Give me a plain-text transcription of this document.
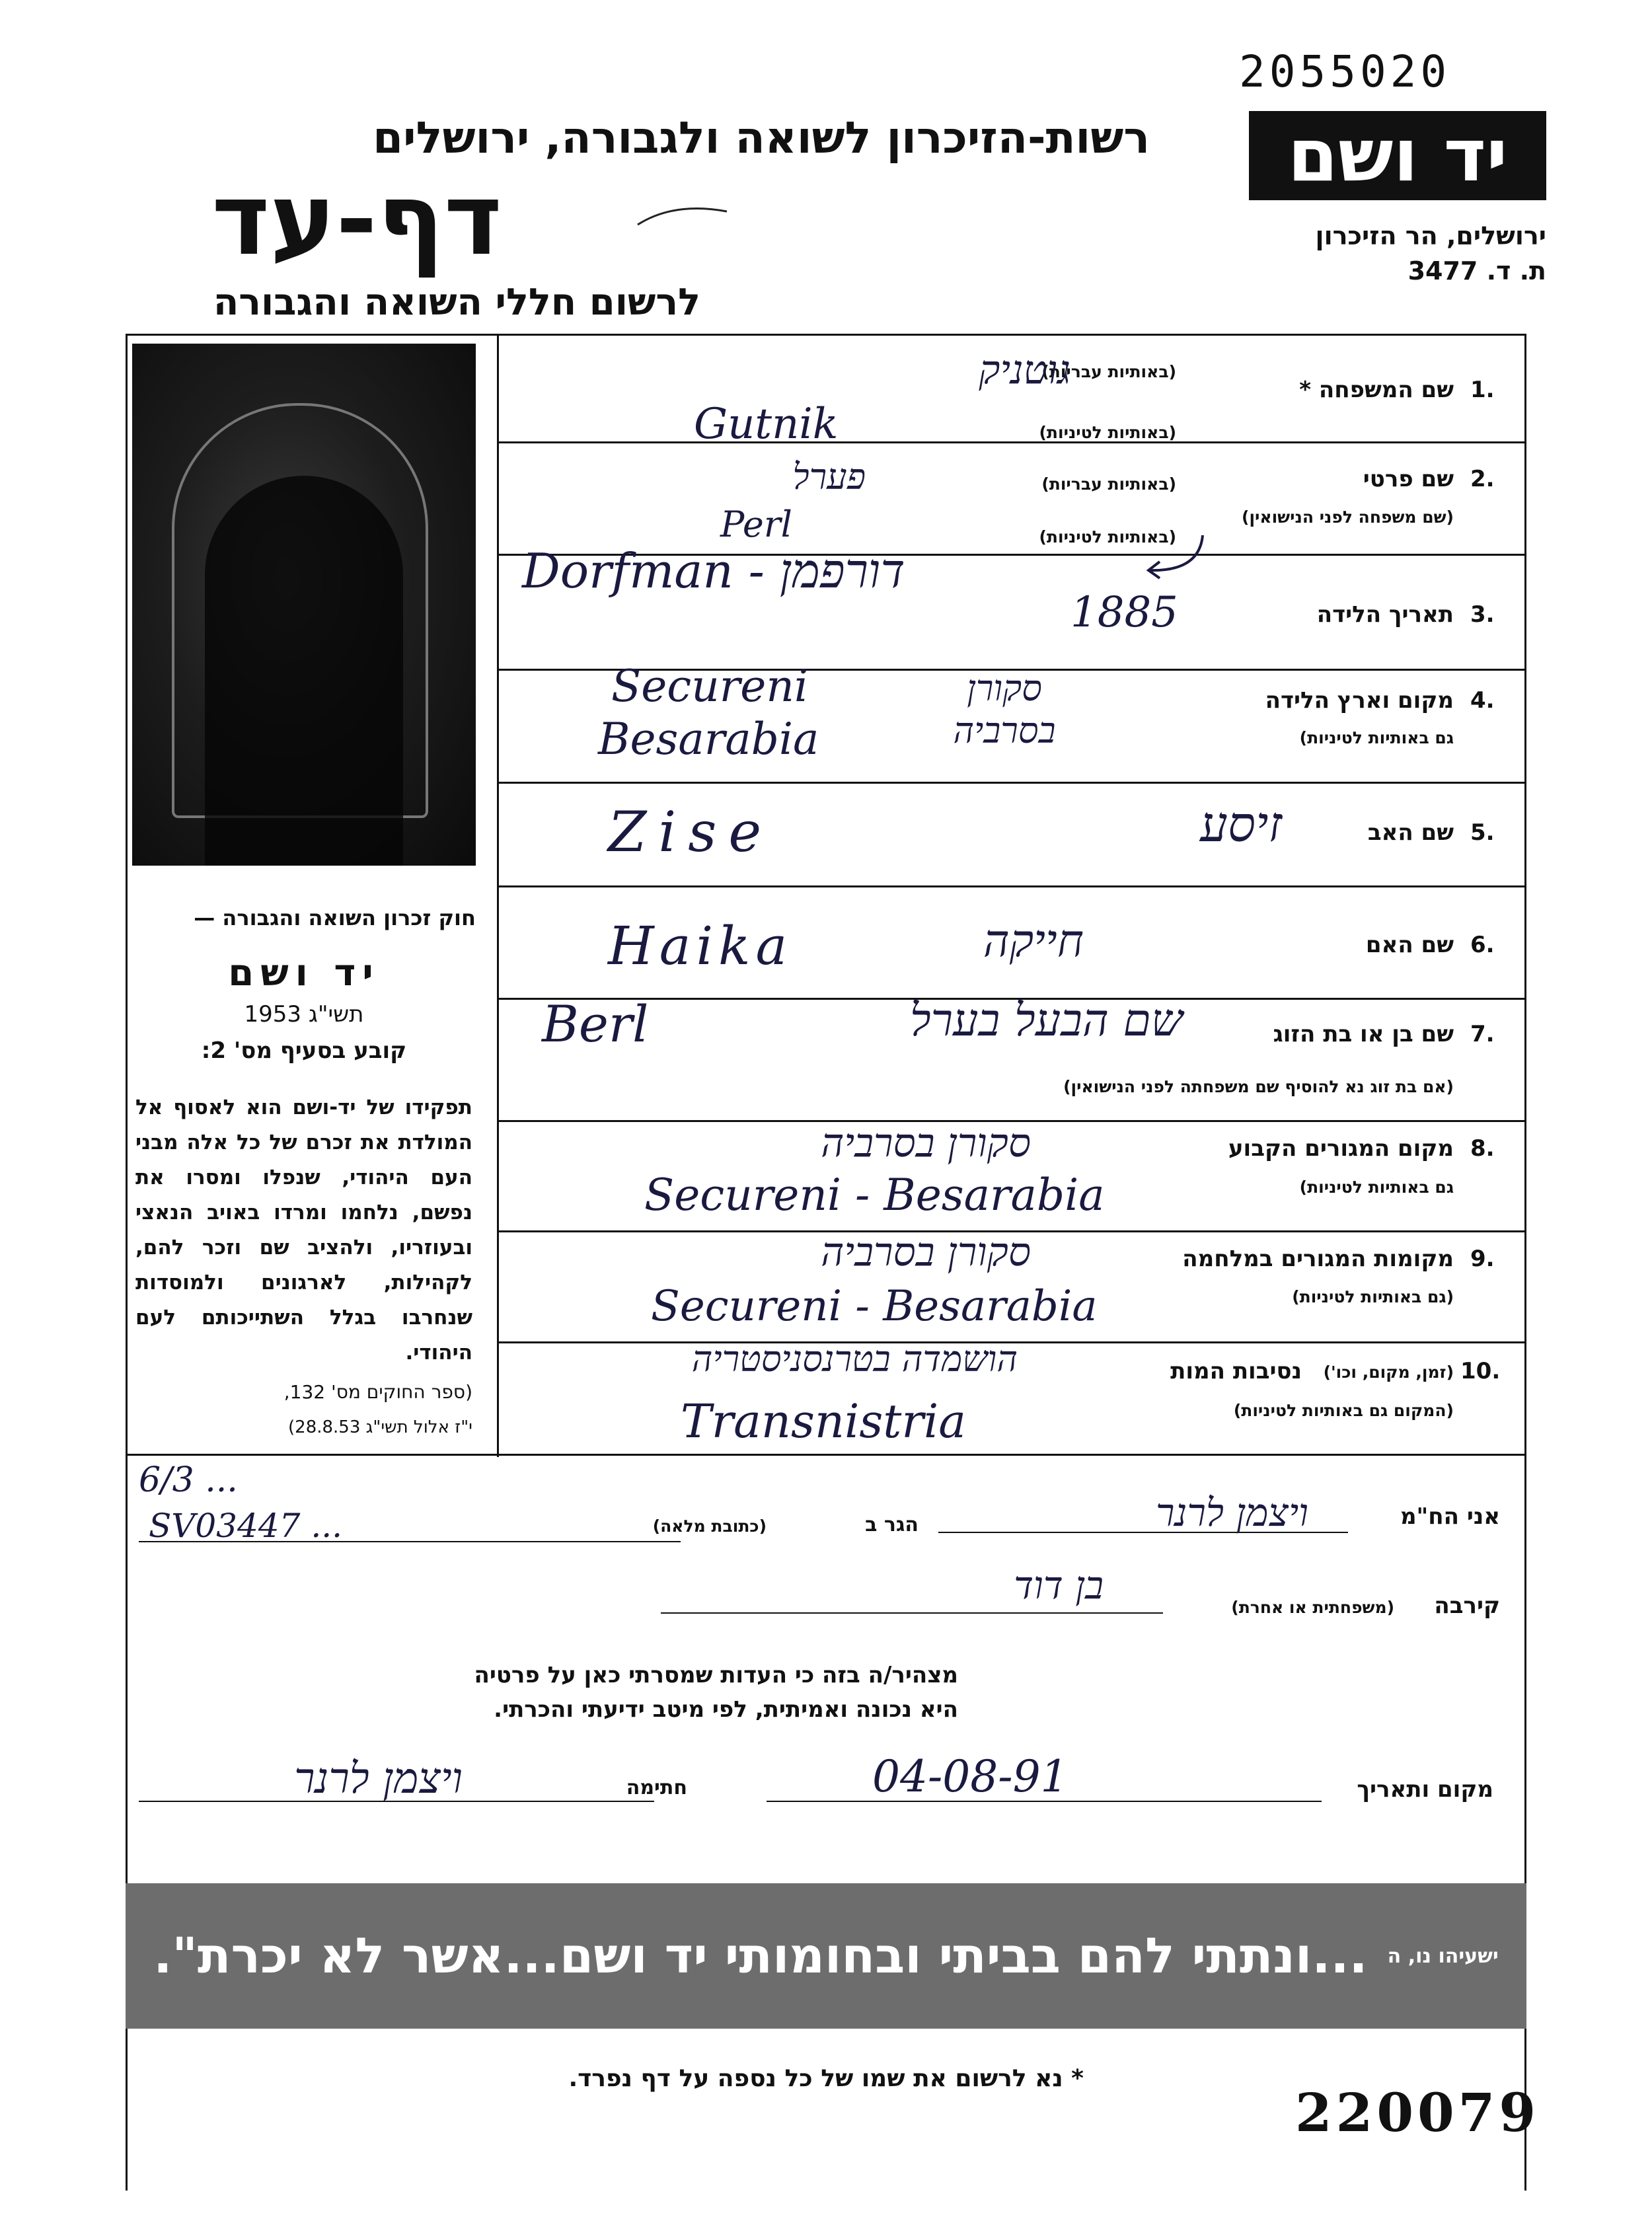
2055020
רשות-הזיכרון לשואה ולגבורה, ירושלים
דף-עד
לרשום חללי השואה והגבורה
יד ושם
ירושלים, הר הזיכרון
ת. ד. 3477
חוק זכרון השואה והגבורה —
יד ושם
תשי"ג 1953
קובע בסעיף מס' 2:
תפקידו של יד-ושם הוא לאסוף אל המולדת את זכרם של כל אלה מבני העם היהודי, שנפלו ומסרו את נפשם, נלחמו ומרדו באויב הנאצי ובעוזריו, ולהציב שם וזכר להם, לקהילות, לארגונים ולמוסדות שנחרבו בגלל השתייכותם לעם היהודי.
(ספר החוקים מס' 132,
י"ז אלול תשי"ג 28.8.53)
1.
שם המשפחה *
(באותיות עבריות)
(באותיות לטיניות)
גוטניק
Gutnik
2.
שם פרטי
(שם משפחה לפני הנישואין)
(באותיות עבריות)
(באותיות לטיניות)
פערל
Perl
Dorfman - דורפמן
3.
תאריך הלידה
1885
4.
מקום וארץ הלידה
גם באותיות לטיניות)
סקורן בסרביה
Secureni
Besarabia
5.
שם האב
זיסע
Zise
6.
שם האם
חייקה
Haika
7.
שם בן או בת הזוג
(אם בת זוג נא להוסיף שם משפחתה לפני הנישואין)
שם הבעל בערל
Berl
8.
מקום המגורים הקבוע
גם באותיות לטיניות)
סקורן בסרביה
Secureni - Besarabia
9.
מקומות המגורים במלחמה
(גם באותיות לטיניות)
סקורן בסרביה
Secureni - Besarabia
10.
נסיבות המות (זמן, מקום, וכו')
(המקום גם באותיות לטיניות)
הושמדה בטרנסניסטריה
Transnistria
אני הח"מ
ויצמן לרנר
הגר ב
(כתובת מלאה)
6/3 ...
SV03447 ...
קירבה
(משפחתית או אחרת)
בן דוד
מצהיר/ה בזה כי העדות שמסרתי כאן על פרטיה
היא נכונה ואמיתית, לפי מיטב ידיעתי והכרתי.
מקום ותאריך
04-08-91
חתימה
ויצמן לרנר
ישעיהו נו, ה
...ונתתי להם בביתי ובחומותי יד ושם...אשר לא יכרת".
* נא לרשום את שמו של כל נספה על דף נפרד.
220079
